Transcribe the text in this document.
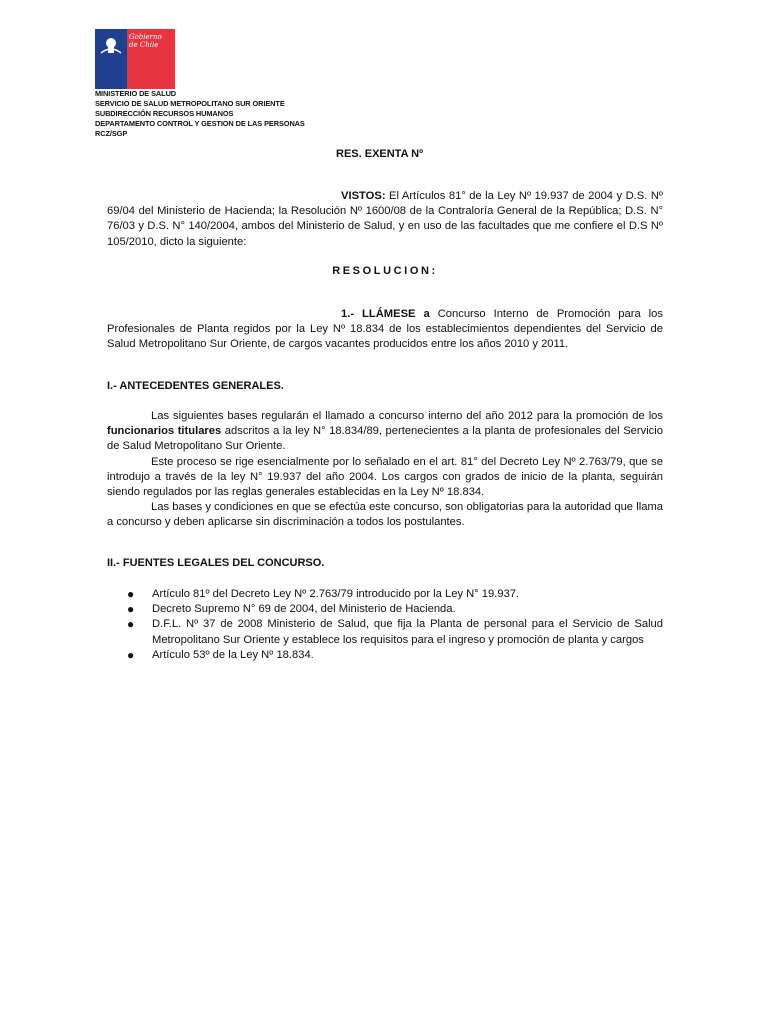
Gobierno
de Chile
MINISTERIO DE SALUD
SERVICIO DE SALUD METROPOLITANO SUR ORIENTE
SUBDIRECCIÓN RECURSOS HUMANOS
DEPARTAMENTO CONTROL Y GESTION DE LAS PERSONAS
RCZ/SGP
RES. EXENTA Nº

VISTOS: El Artículos 81° de la Ley Nº 19.937 de 2004 y D.S. Nº 69/04 del Ministerio de Hacienda; la Resolución Nº 1600/08 de la Contraloría General de la República; D.S. N° 76/03 y D.S. N° 140/2004, ambos del Ministerio de Salud, y en uso de las facultades que me confiere el D.S Nº 105/2010, dicto la siguiente:

RESOLUCION:

1.- LLÁMESE a Concurso Interno de Promoción para los Profesionales de Planta regidos por la Ley Nº 18.834 de los establecimientos dependientes del Servicio de Salud Metropolitano Sur Oriente, de cargos vacantes producidos entre los años 2010 y 2011.

I.- ANTECEDENTES GENERALES.

Las siguientes bases regularán el llamado a concurso interno del año 2012 para la promoción de los funcionarios titulares adscritos a la ley N° 18.834/89, pertenecientes a la planta de profesionales del Servicio de Salud Metropolitano Sur Oriente.

Este proceso se rige esencialmente por lo señalado en el art. 81° del Decreto Ley Nº 2.763/79, que se introdujo a través de la ley N° 19.937 del año 2004. Los cargos con grados de inicio de la planta, seguirán siendo regulados por las reglas generales establecidas en la Ley Nº 18.834.

Las bases y condiciones en que se efectúa este concurso, son obligatorias para la autoridad que llama a concurso y deben aplicarse sin discriminación a todos los postulantes.

II.- FUENTES LEGALES DEL CONCURSO.
● Artículo 81º del Decreto Ley Nº 2.763/79 introducido por la Ley N° 19.937.
● Decreto Supremo N° 69 de 2004, del Ministerio de Hacienda.
● D.F.L. Nº 37 de 2008 Ministerio de Salud, que fija la Planta de personal para el Servicio de Salud Metropolitano Sur Oriente y establece los requisitos para el ingreso y promoción de planta y cargos
● Artículo 53º de la Ley Nº 18.834.
